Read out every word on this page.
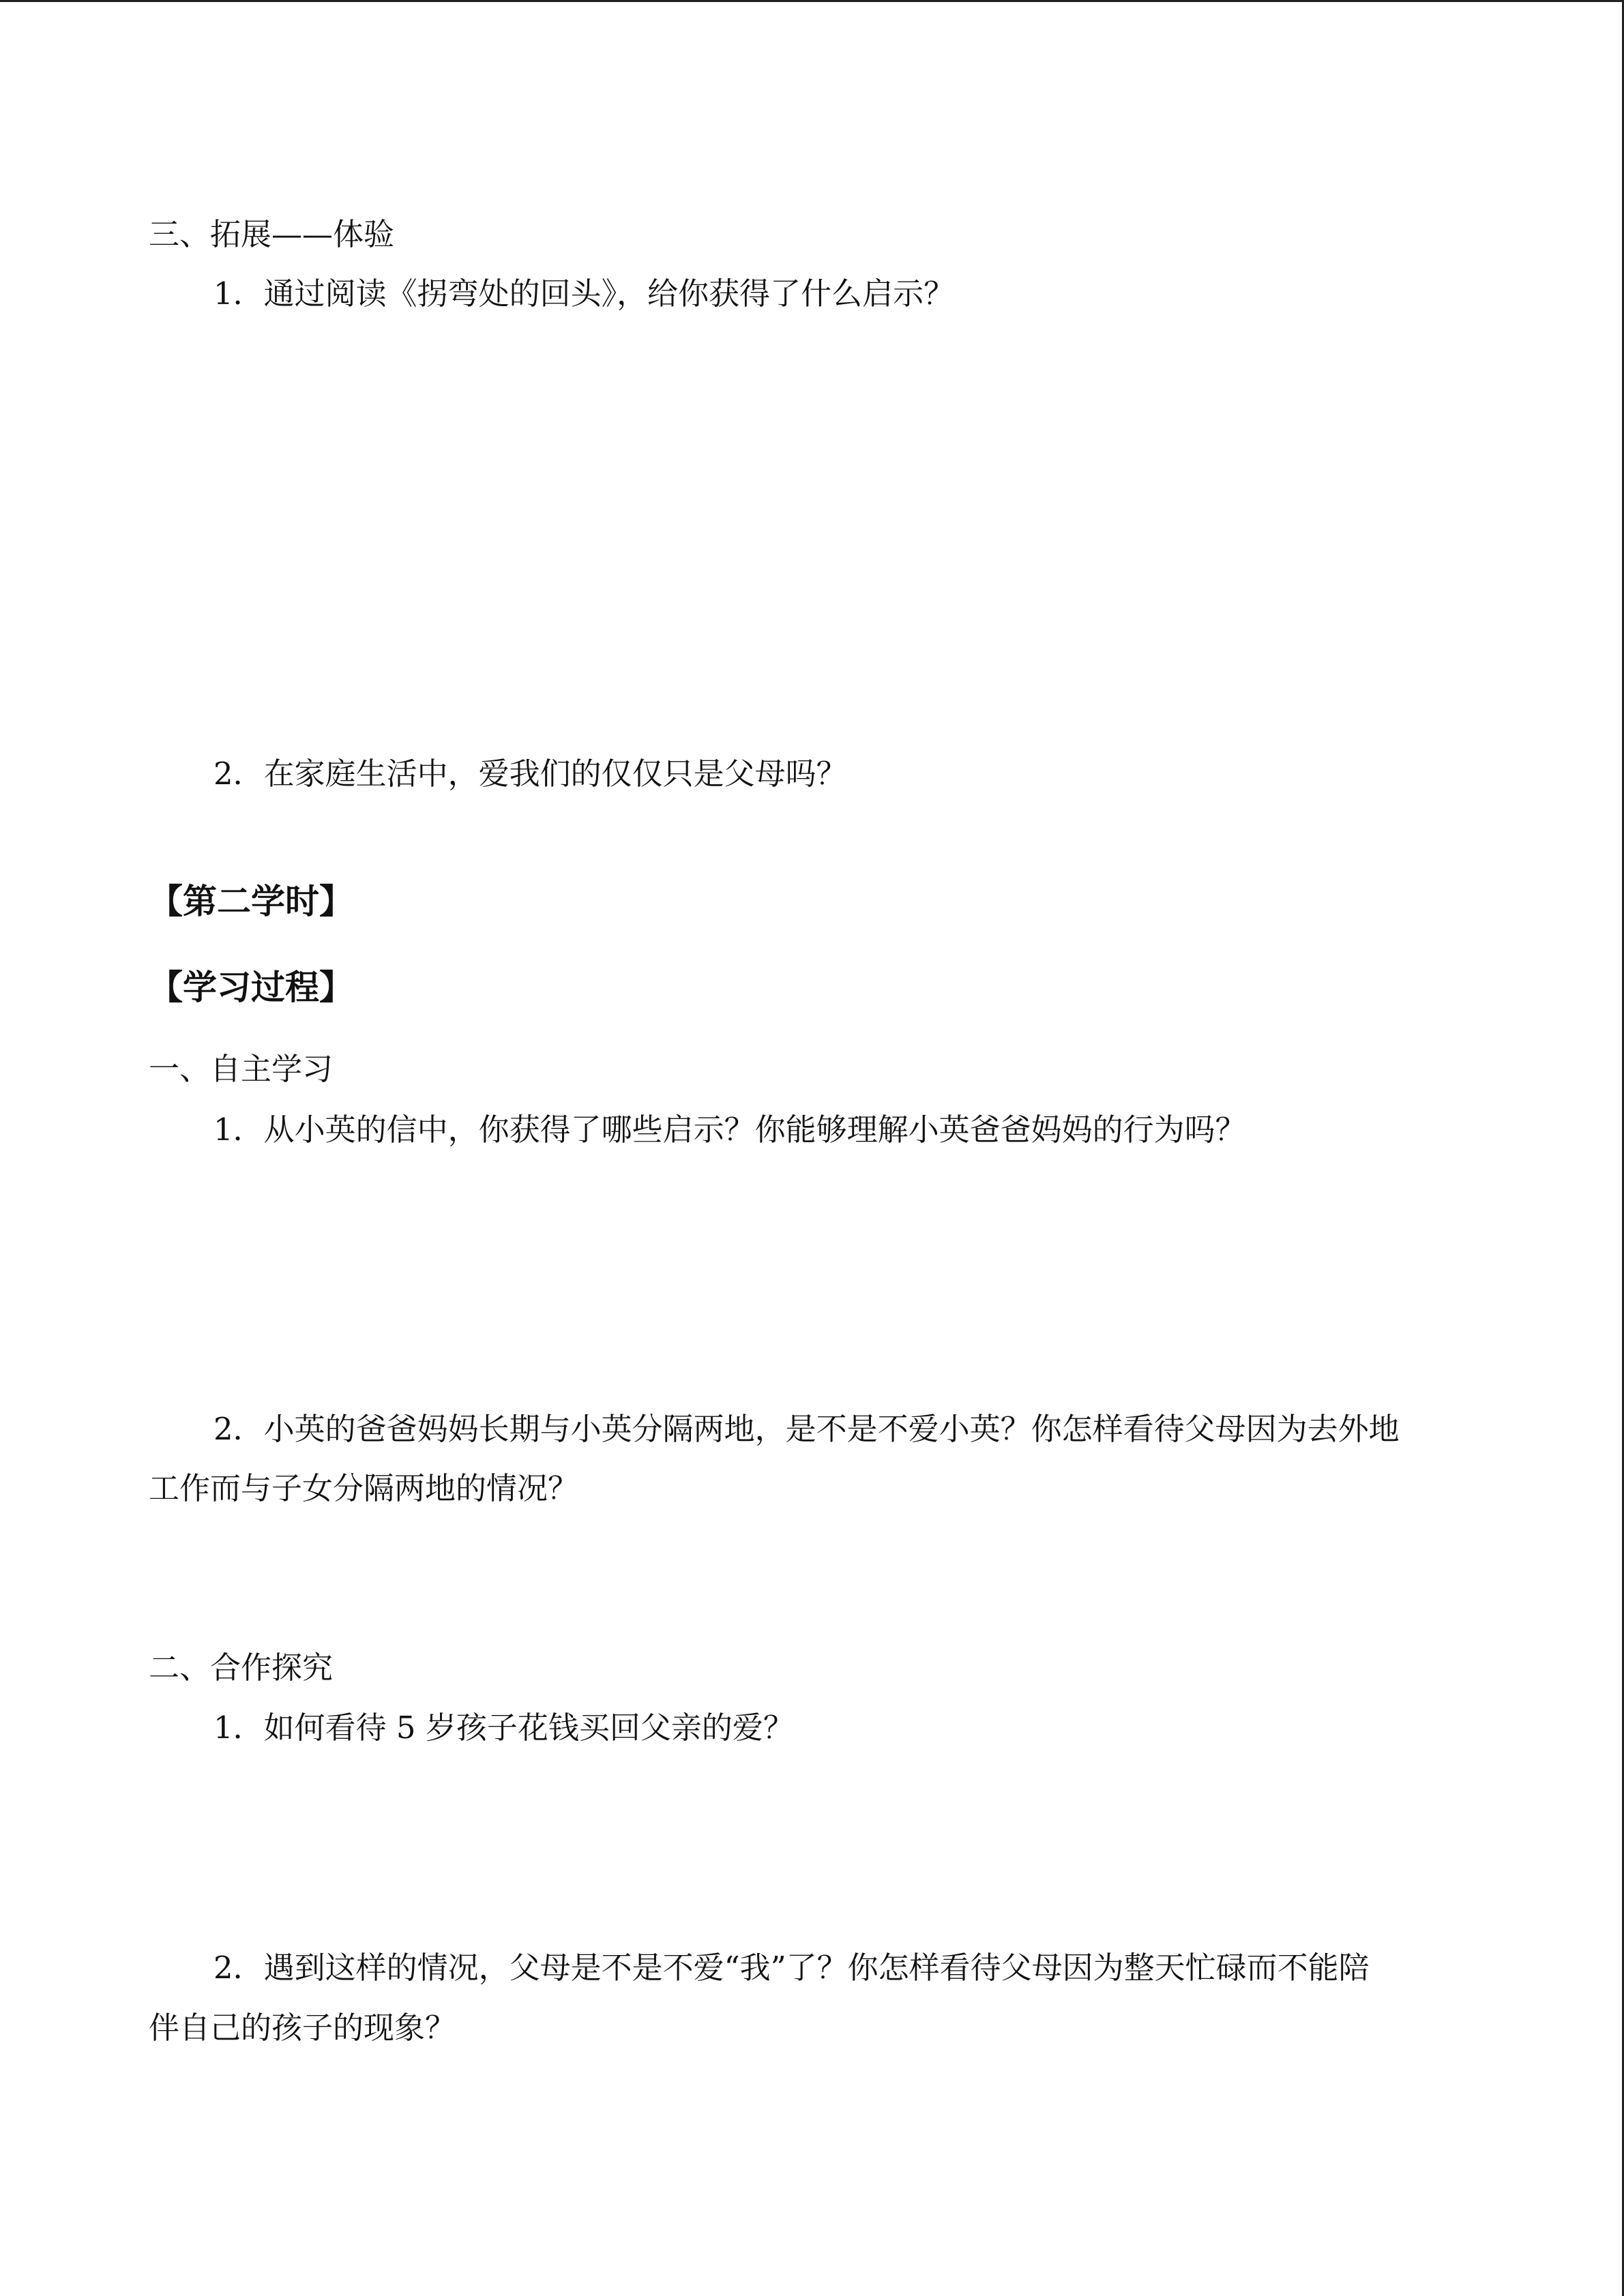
三、拓展——体验
1．通过阅读《拐弯处的回头》，给你获得了什么启示？
2．在家庭生活中，爱我们的仅仅只是父母吗？
【第二学时】
【学习过程】
一、自主学习
1．从小英的信中，你获得了哪些启示？你能够理解小英爸爸妈妈的行为吗？
2．小英的爸爸妈妈长期与小英分隔两地，是不是不爱小英？你怎样看待父母因为去外地
工作而与子女分隔两地的情况？
二、合作探究
1．如何看待 5 岁孩子花钱买回父亲的爱？
2．遇到这样的情况，父母是不是不爱“我”了？你怎样看待父母因为整天忙碌而不能陪
伴自己的孩子的现象？
